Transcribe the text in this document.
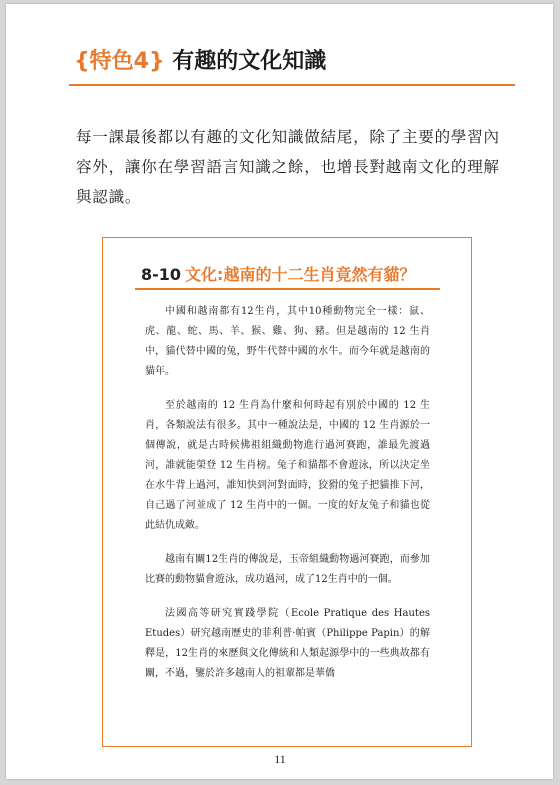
{特色4} 有趣的文化知識

每一課最後都以有趣的文化知識做結尾，除了主要的學習內容外，讓你在學習語言知識之餘，也增長對越南文化的理解與認識。

8-10 文化:越南的十二生肖竟然有貓？

中國和越南都有12生肖，其中10種動物完全一樣：鼠、虎、龍、蛇、馬、羊、猴、雞、狗、豬。但是越南的 12 生肖中，貓代替中國的兔，野牛代替中國的水牛。而今年就是越南的貓年。

至於越南的 12 生肖為什麼和何時起有別於中國的 12 生肖，各類說法有很多。其中一種說法是，中國的 12 生肖源於一個傳說，就是古時候佛祖組織動物進行過河賽跑，誰最先渡過河，誰就能榮登 12 生肖榜。兔子和貓都不會遊泳，所以決定坐在水牛背上過河，誰知快到河對面時，狡猾的兔子把貓推下河，自己過了河並成了 12 生肖中的一個。一度的好友兔子和貓也從此結仇成敵。

越南有關12生肖的傳說是，玉帝組織動物過河賽跑，而參加比賽的動物貓會遊泳，成功過河，成了12生肖中的一個。

法國高等研究實踐學院（Ecole Pratique des Hautes Etudes）研究越南歷史的菲利普·帕賓（Philippe Papin）的解釋是，12生肖的來歷與文化傳統和人類起源學中的一些典故都有關，不過，鑒於許多越南人的祖輩都是華僑

11
